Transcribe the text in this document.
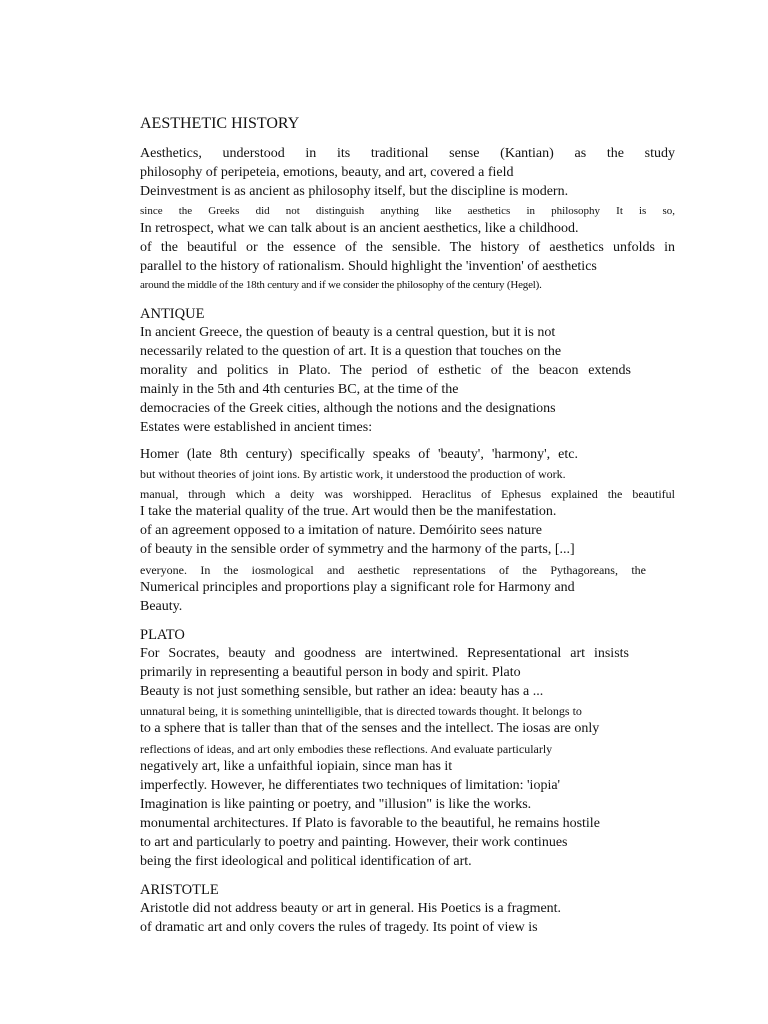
AESTHETIC HISTORY
Aesthetics, understood in its traditional sense (Kantian) as the study
philosophy of peripeteia, emotions, beauty, and art, covered a field
Deinvestment is as ancient as philosophy itself, but the discipline is modern.
since the Greeks did not distinguish anything like aesthetics in philosophy It is so,
In retrospect, what we can talk about is an ancient aesthetics, like a childhood.
of the beautiful or the essence of the sensible. The history of aesthetics unfolds in
parallel to the history of rationalism. Should highlight the 'invention' of aesthetics
around the middle of the 18th century and if we consider the philosophy of the century (Hegel).
ANTIQUE
In ancient Greece, the question of beauty is a central question, but it is not
necessarily related to the question of art. It is a question that touches on the
morality and politics in Plato. The period of esthetic of the beacon extends
mainly in the 5th and 4th centuries BC, at the time of the
democracies of the Greek cities, although the notions and the designations
Estates were established in ancient times:
Homer (late 8th century) specifically speaks of 'beauty', 'harmony', etc.
but without theories of joint ions. By artistic work, it understood the production of work.
manual, through which a deity was worshipped. Heraclitus of Ephesus explained the beautiful
I take the material quality of the true. Art would then be the manifestation.
of an agreement opposed to a imitation of nature. Demóirito sees nature
of beauty in the sensible order of symmetry and the harmony of the parts, [...]
everyone. In the iosmological and aesthetic representations of the Pythagoreans, the
Numerical principles and proportions play a significant role for Harmony and
Beauty.
PLATO
For Socrates, beauty and goodness are intertwined. Representational art insists
primarily in representing a beautiful person in body and spirit. Plato
Beauty is not just something sensible, but rather an idea: beauty has a ...
unnatural being, it is something unintelligible, that is directed towards thought. It belongs to
to a sphere that is taller than that of the senses and the intellect. The iosas are only
reflections of ideas, and art only embodies these reflections. And evaluate particularly
negatively art, like a unfaithful iopiain, since man has it
imperfectly. However, he differentiates two techniques of limitation: 'iopia'
Imagination is like painting or poetry, and "illusion" is like the works.
monumental architectures. If Plato is favorable to the beautiful, he remains hostile
to art and particularly to poetry and painting. However, their work continues
being the first ideological and political identification of art.
ARISTOTLE
Aristotle did not address beauty or art in general. His Poetics is a fragment.
of dramatic art and only covers the rules of tragedy. Its point of view is
